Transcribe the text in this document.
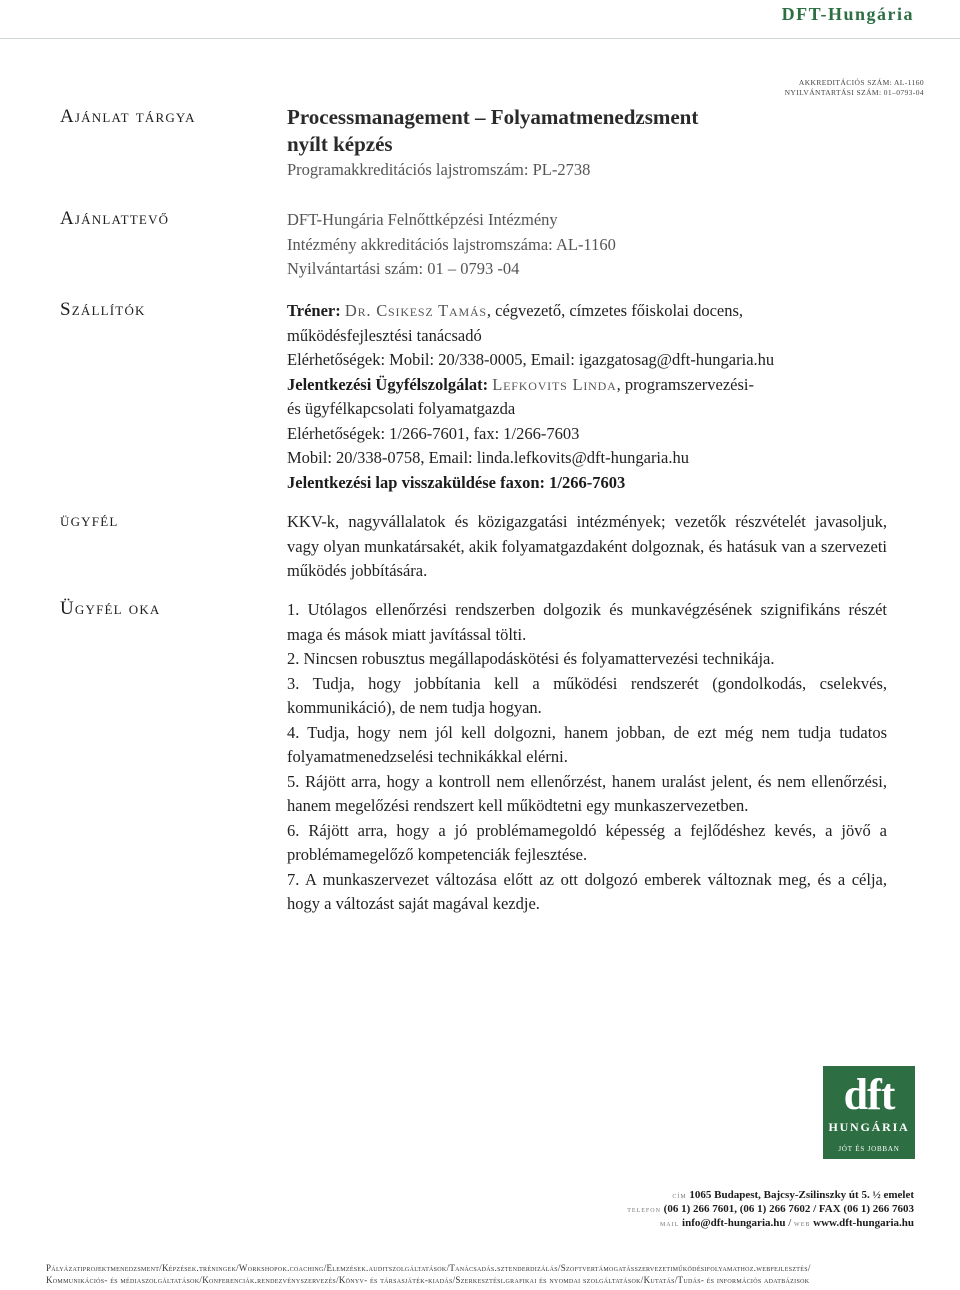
DFT-Hungária
AKKREDITÁCIÓS SZÁM: AL-1160
NYILVÁNTARTÁSI SZÁM: 01–0793-04
Ajánlat tárgya	Processmanagement – Folyamatmenedzsment
nyílt képzés
Programakkreditációs lajstromszám: PL-2738
Ajánlattevő	DFT-Hungária Felnőttképzési Intézmény
Intézmény akkreditációs lajstromszáma: AL-1160
Nyilvántartási szám: 01 – 0793 -04
Szállítók	Tréner: Dr. Csikesz Tamás, cégvezető, címzetes főiskolai docens,
működésfejlesztési tanácsadó
Elérhetőségek: Mobil: 20/338-0005, Email: igazgatosag@dft-hungaria.hu
Jelentkezési Ügyfélszolgálat: Lefkovits Linda, programszervezési-
és ügyfélkapcsolati folyamatgazda
Elérhetőségek: 1/266-7601, fax: 1/266-7603
Mobil: 20/338-0758, Email: linda.lefkovits@dft-hungaria.hu
Jelentkezési lap visszaküldése faxon: 1/266-7603
ügyfél	KKV-k, nagyvállalatok és közigazgatási intézmények; vezetők részvételét javasoljuk, vagy olyan munkatársakét, akik folyamatgazdaként dolgoznak, és hatásuk van a szervezeti működés jobbítására.
Ügyfél oka	1. Utólagos ellenőrzési rendszerben dolgozik és munkavégzésének szignifikáns részét maga és mások miatt javítással tölti.
2. Nincsen robusztus megállapodáskötési és folyamattervezési technikája.
3. Tudja, hogy jobbítania kell a működési rendszerét (gondolkodás, cselekvés, kommunikáció), de nem tudja hogyan.
4. Tudja, hogy nem jól kell dolgozni, hanem jobban, de ezt még nem tudja tudatos folyamatmenedzselési technikákkal elérni.
5. Rájött arra, hogy a kontroll nem ellenőrzést, hanem uralást jelent, és nem ellenőrzési, hanem megelőzési rendszert kell működtetni egy munkaszervezetben.
6. Rájött arra, hogy a jó problémamegoldó képesség a fejlődéshez kevés, a jövő a problémamegelőző kompetenciák fejlesztése.
7. A munkaszervezet változása előtt az ott dolgozó emberek változnak meg, és a célja, hogy a változást saját magával kezdje.
dft
HUNGÁRIA
JÓT ÉS JOBBAN
cím 1065 Budapest, Bajcsy-Zsilinszky út 5. ½ emelet
telefon (06 1) 266 7601, (06 1) 266 7602 / FAX (06 1) 266 7603
mail info@dft-hungaria.hu / web www.dft-hungaria.hu
Pályázatiprojektmenedzsment/Képzések.tréningek/Workshopok.coaching/Elemzések.auditszolgáltatások/Tanácsadás.sztenderdizálás/Szoftvertámogatásszervezetiműködésifolyamathoz.webfejlesztés/
Kommunikációs- és médiaszolgáltatások/Konferenciák.rendezvényszervezés/Könyv- és társasjáték-kiadás/Szerkesztési.grafikai és nyomdai szolgáltatások/Kutatás/Tudás- és információs adatbázisok
